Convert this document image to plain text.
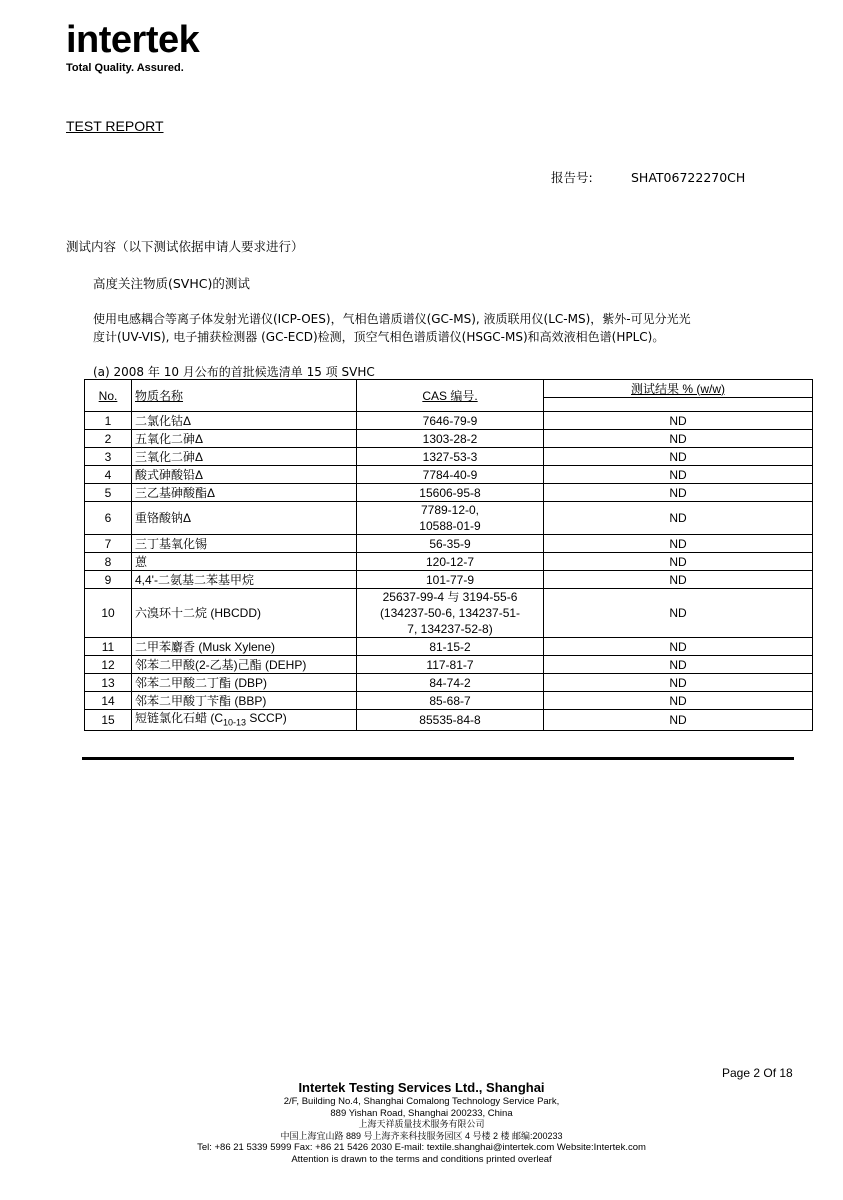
intertek
Total Quality. Assured.
TEST REPORT
报告号:	SHAT06722270CH
测试内容（以下测试依据申请人要求进行）
高度关注物质(SVHC)的测试
使用电感耦合等离子体发射光谱仪(ICP-OES)，气相色谱质谱仪(GC-MS), 液质联用仪(LC-MS)，紫外-可见分光光
度计(UV-VIS), 电子捕获检测器 (GC-ECD)检测，顶空气相色谱质谱仪(HSGC-MS)和高效液相色谱(HPLC)。
(a) 2008 年 10 月公布的首批候选清单 15 项 SVHC
No.	物质名称	CAS 编号.	测试结果 % (w/w)

1	二氯化钴Δ	7646-79-9	ND
2	五氧化二砷Δ	1303-28-2	ND
3	三氧化二砷Δ	1327-53-3	ND
4	酸式砷酸铅Δ	7784-40-9	ND
5	三乙基砷酸酯Δ	15606-95-8	ND
6	重铬酸钠Δ	7789-12-0,
10588-01-9	ND
7	三丁基氧化锡	56-35-9	ND
8	蒽	120-12-7	ND
9	4,4'-二氨基二苯基甲烷	101-77-9	ND
10	六溴环十二烷 (HBCDD)	25637-99-4 与 3194-55-6
(134237-50-6, 134237-51-
7, 134237-52-8)	ND
11	二甲苯麝香 (Musk Xylene)	81-15-2	ND
12	邻苯二甲酸(2-乙基)己酯 (DEHP)	117-81-7	ND
13	邻苯二甲酸二丁酯 (DBP)	84-74-2	ND
14	邻苯二甲酸丁苄酯 (BBP)	85-68-7	ND
15	短链氯化石蜡 ($C_{10-13}$ SCCP)	85535-84-8	ND
Page 2 Of 18
Intertek Testing Services Ltd., Shanghai
2/F, Building No.4, Shanghai Comalong Technology Service Park,
889 Yishan Road, Shanghai 200233, China
上海天祥质量技术服务有限公司
中国上海宜山路 889 号上海齐来科技服务园区 4 号楼 2 楼 邮编:200233
Tel: +86 21 5339 5999 Fax: +86 21 5426 2030 E-mail: textile.shanghai@intertek.com Website:Intertek.com
Attention is drawn to the terms and conditions printed overleaf
